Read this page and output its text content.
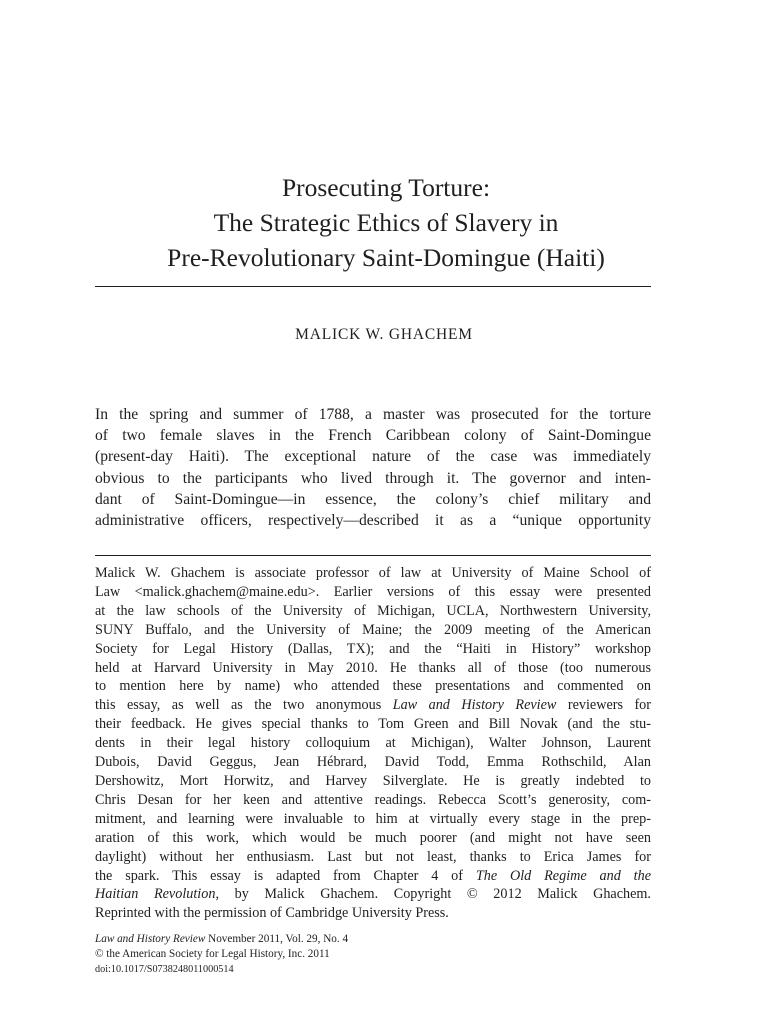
Prosecuting Torture:
The Strategic Ethics of Slavery in
Pre-Revolutionary Saint-Domingue (Haiti)
MALICK W. GHACHEM
In the spring and summer of 1788, a master was prosecuted for the torture
of two female slaves in the French Caribbean colony of Saint-Domingue
(present-day Haiti). The exceptional nature of the case was immediately
obvious to the participants who lived through it. The governor and inten-
dant of Saint-Domingue—in essence, the colony’s chief military and
administrative officers, respectively—described it as a “unique opportunity
Malick W. Ghachem is associate professor of law at University of Maine School of
Law <malick.ghachem@maine.edu>. Earlier versions of this essay were presented
at the law schools of the University of Michigan, UCLA, Northwestern University,
SUNY Buffalo, and the University of Maine; the 2009 meeting of the American
Society for Legal History (Dallas, TX); and the “Haiti in History” workshop
held at Harvard University in May 2010. He thanks all of those (too numerous
to mention here by name) who attended these presentations and commented on
this essay, as well as the two anonymous Law and History Review reviewers for
their feedback. He gives special thanks to Tom Green and Bill Novak (and the stu-
dents in their legal history colloquium at Michigan), Walter Johnson, Laurent
Dubois, David Geggus, Jean Hébrard, David Todd, Emma Rothschild, Alan
Dershowitz, Mort Horwitz, and Harvey Silverglate. He is greatly indebted to
Chris Desan for her keen and attentive readings. Rebecca Scott’s generosity, com-
mitment, and learning were invaluable to him at virtually every stage in the prep-
aration of this work, which would be much poorer (and might not have seen
daylight) without her enthusiasm. Last but not least, thanks to Erica James for
the spark. This essay is adapted from Chapter 4 of The Old Regime and the
Haitian Revolution, by Malick Ghachem. Copyright © 2012 Malick Ghachem.
Reprinted with the permission of Cambridge University Press.
Law and History Review November 2011, Vol. 29, No. 4
© the American Society for Legal History, Inc. 2011
doi:10.1017/S0738248011000514
